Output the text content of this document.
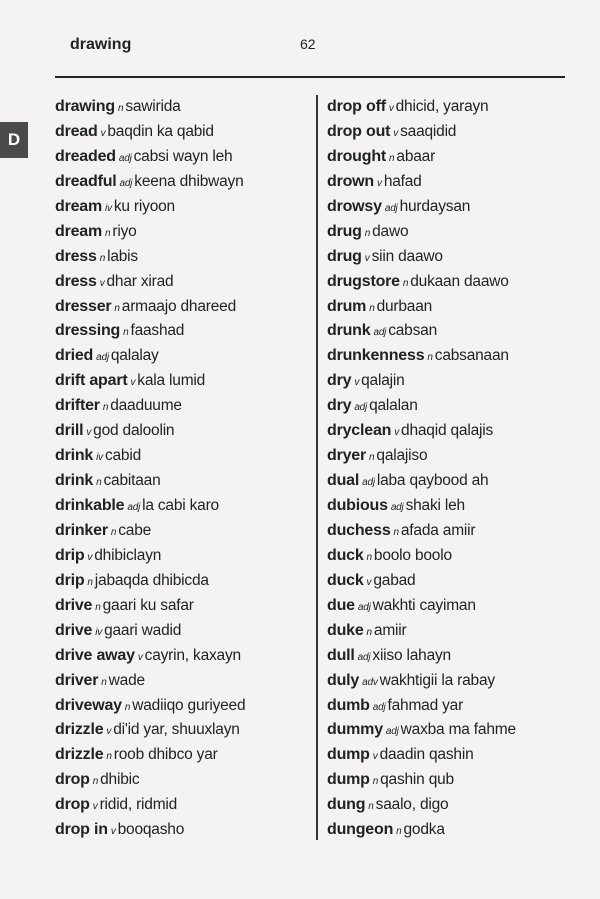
drawing	62
D
drawing n sawirida
dread v baqdin ka qabid
dreaded adj cabsi wayn leh
dreadful adj keena dhibwayn
dream iv ku riyoon
dream n riyo
dress n labis
dress v dhar xirad
dresser n armaajo dhareed
dressing n faashad
dried adj qalalay
drift apart v kala lumid
drifter n daaduume
drill v god daloolin
drink iv cabid
drink n cabitaan
drinkable adj la cabi karo
drinker n cabe
drip v dhibiclayn
drip n jabaqda dhibicda
drive n gaari ku safar
drive iv gaari wadid
drive away v cayrin, kaxayn
driver n wade
driveway n wadiiqo guriyeed
drizzle v di'id yar, shuuxlayn
drizzle n roob dhibco yar
drop n dhibic
drop v ridid, ridmid
drop in v booqasho
drop off v dhicid, yarayn
drop out v saaqidid
drought n abaar
drown v hafad
drowsy adj hurdaysan
drug n dawo
drug v siin daawo
drugstore n dukaan daawo
drum n durbaan
drunk adj cabsan
drunkenness n cabsanaan
dry v qalajin
dry adj qalalan
dryclean v dhaqid qalajis
dryer n qalajiso
dual adj laba qaybood ah
dubious adj shaki leh
duchess n afada amiir
duck n boolo boolo
duck v gabad
due adj wakhti cayiman
duke n amiir
dull adj xiiso lahayn
duly adv wakhtigii la rabay
dumb adj fahmad yar
dummy adj waxba ma fahme
dump v daadin qashin
dump n qashin qub
dung n saalo, digo
dungeon n godka
